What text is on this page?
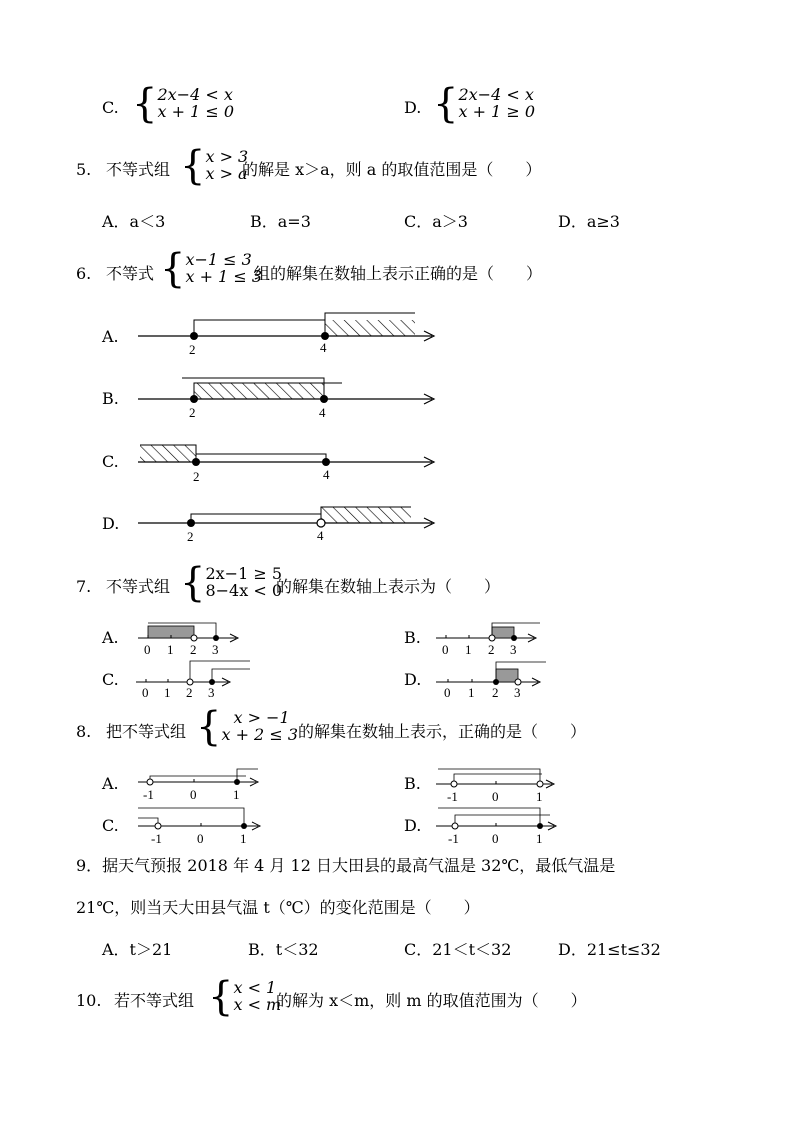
C. { 2x−4 < x
x + 1 ≤ 0	D. { 2x−4 < x
x + 1 ≥ 0
5. 不等式组 { x > 3
x > a
的解是 x＞a，则 a 的取值范围是（　　）
A．a＜3	B．a=3	C．a＞3	D．a≥3
6. 不等式 { x−1 ≤ 3
x + 1 ≤ 3
组的解集在数轴上表示正确的是（　　）
A.
2	4
B.
2	4
C.
2	4
D.
2	4
7. 不等式组 { 2x−1 ≥ 5
8−4x < 0
的解集在数轴上表示为（　　）
A.
0 1 2 3
B.
0 1 2 3
C.
0 1 2 3
D.
0 1 2 3
8. 把不等式组 { x > −1
x + 2 ≤ 3 的解集在数轴上表示，正确的是（　　）
A.
-1	0	1
B.
-1	0	1
C.
-1	0	1
D.
-1	0	1
9．据天气预报 2018 年 4 月 12 日大田县的最高气温是 32℃，最低气温是
21℃，则当天大田县气温 t（℃）的变化范围是（　　）
A．t＞21	B．t＜32	C．21＜t＜32	D．21≤t≤32
10. 若不等式组 { x < 1
x < m
的解为 x＜m，则 m 的取值范围为（　　）
